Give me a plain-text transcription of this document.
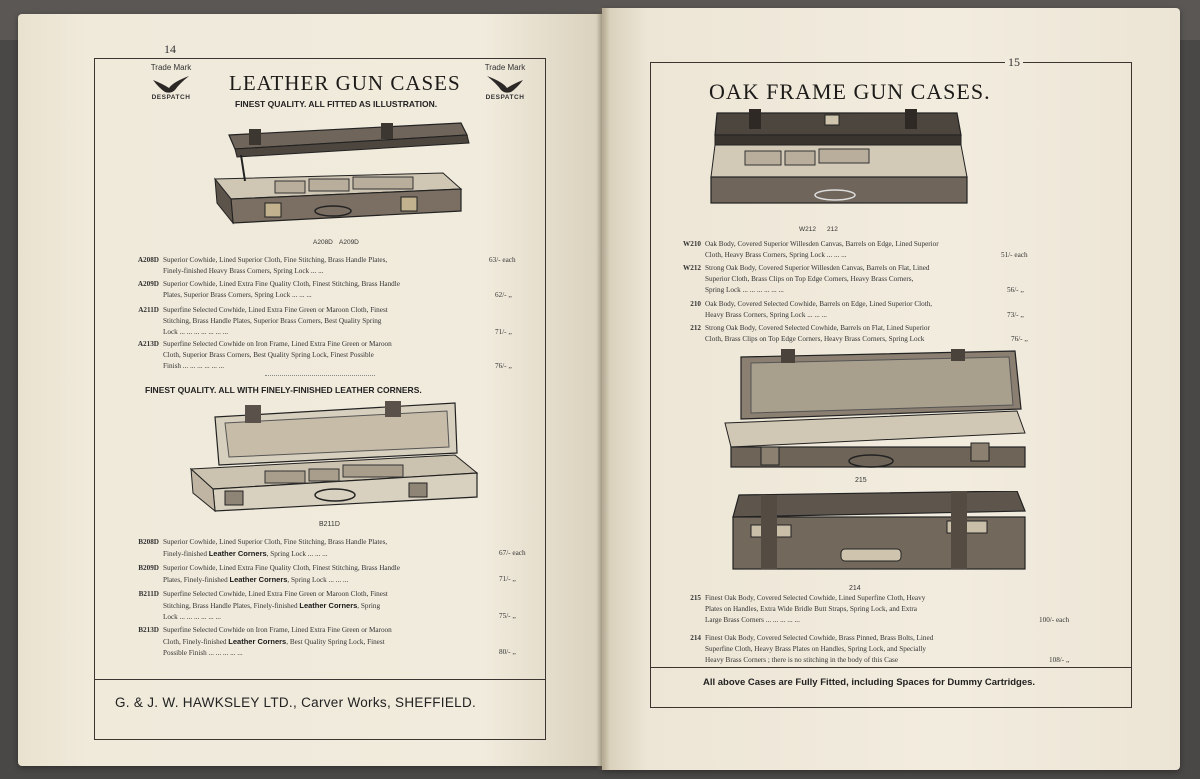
14
Trade Mark
DESPATCH
Trade Mark
DESPATCH
LEATHER GUN CASES
FINEST QUALITY. ALL FITTED AS ILLUSTRATION.
A208D A209D
A208D Superior Cowhide, Lined Superior Cloth, Fine Stitching, Brass Handle Plates,
Finely-finished Heavy Brass Corners, Spring Lock ... ...
63/- each
A209D Superior Cowhide, Lined Extra Fine Quality Cloth, Finest Stitching, Brass Handle
Plates, Superior Brass Corners, Spring Lock ... ... ...	62/- ,,
A211D Superfine Selected Cowhide, Lined Extra Fine Green or Maroon Cloth, Finest
Stitching, Brass Handle Plates, Superior Brass Corners, Best Quality Spring
Lock ... ... ... ... ... ... ...	71/- ,,
A213D Superfine Selected Cowhide on Iron Frame, Lined Extra Fine Green or Maroon
Cloth, Superior Brass Corners, Best Quality Spring Lock, Finest Possible
Finish ... ... ... ... ... ...	76/- ,,
FINEST QUALITY. ALL WITH FINELY-FINISHED LEATHER CORNERS.
B211D
B208D Superior Cowhide, Lined Superior Cloth, Fine Stitching, Brass Handle Plates,
Finely-finished Leather Corners, Spring Lock ... ... ...	67/- each
B209D Superior Cowhide, Lined Extra Fine Quality Cloth, Finest Stitching, Brass Handle
Plates, Finely-finished Leather Corners, Spring Lock ... ... ...	71/- ,,
B211D Superfine Selected Cowhide, Lined Extra Fine Green or Maroon Cloth, Finest
Stitching, Brass Handle Plates, Finely-finished Leather Corners, Spring
Lock ... ... ... ... ... ...	75/- ,,
B213D Superfine Selected Cowhide on Iron Frame, Lined Extra Fine Green or Maroon
Cloth, Finely-finished Leather Corners, Best Quality Spring Lock, Finest
Possible Finish ... ... ... ... ...	80/- ,,
G. & J. W. HAWKSLEY LTD., Carver Works, SHEFFIELD.
15
OAK FRAME GUN CASES.
W212 212
W210 Oak Body, Covered Superior Willesden Canvas, Barrels on Edge, Lined Superior
Cloth, Heavy Brass Corners, Spring Lock ... ... ...	51/- each
W212 Strong Oak Body, Covered Superior Willesden Canvas, Barrels on Flat, Lined
Superior Cloth, Brass Clips on Top Edge Corners, Heavy Brass Corners,
Spring Lock ... ... ... ... ... ...	56/- ,,
210 Oak Body, Covered Selected Cowhide, Barrels on Edge, Lined Superior Cloth,
Heavy Brass Corners, Spring Lock ... ... ...	73/- ,,
212 Strong Oak Body, Covered Selected Cowhide, Barrels on Flat, Lined Superior
Cloth, Brass Clips on Top Edge Corners, Heavy Brass Corners, Spring Lock	76/- ,,
215
214
215 Finest Oak Body, Covered Selected Cowhide, Lined Superfine Cloth, Heavy
Plates on Handles, Extra Wide Bridle Butt Straps, Spring Lock, and Extra
Large Brass Corners ... ... ... ... ...	100/- each
214 Finest Oak Body, Covered Selected Cowhide, Brass Pinned, Brass Bolts, Lined
Superfine Cloth, Heavy Brass Plates on Handles, Spring Lock, and Specially
Heavy Brass Corners ; there is no stitching in the body of this Case	108/- ,,
All above Cases are Fully Fitted, including Spaces for Dummy Cartridges.
